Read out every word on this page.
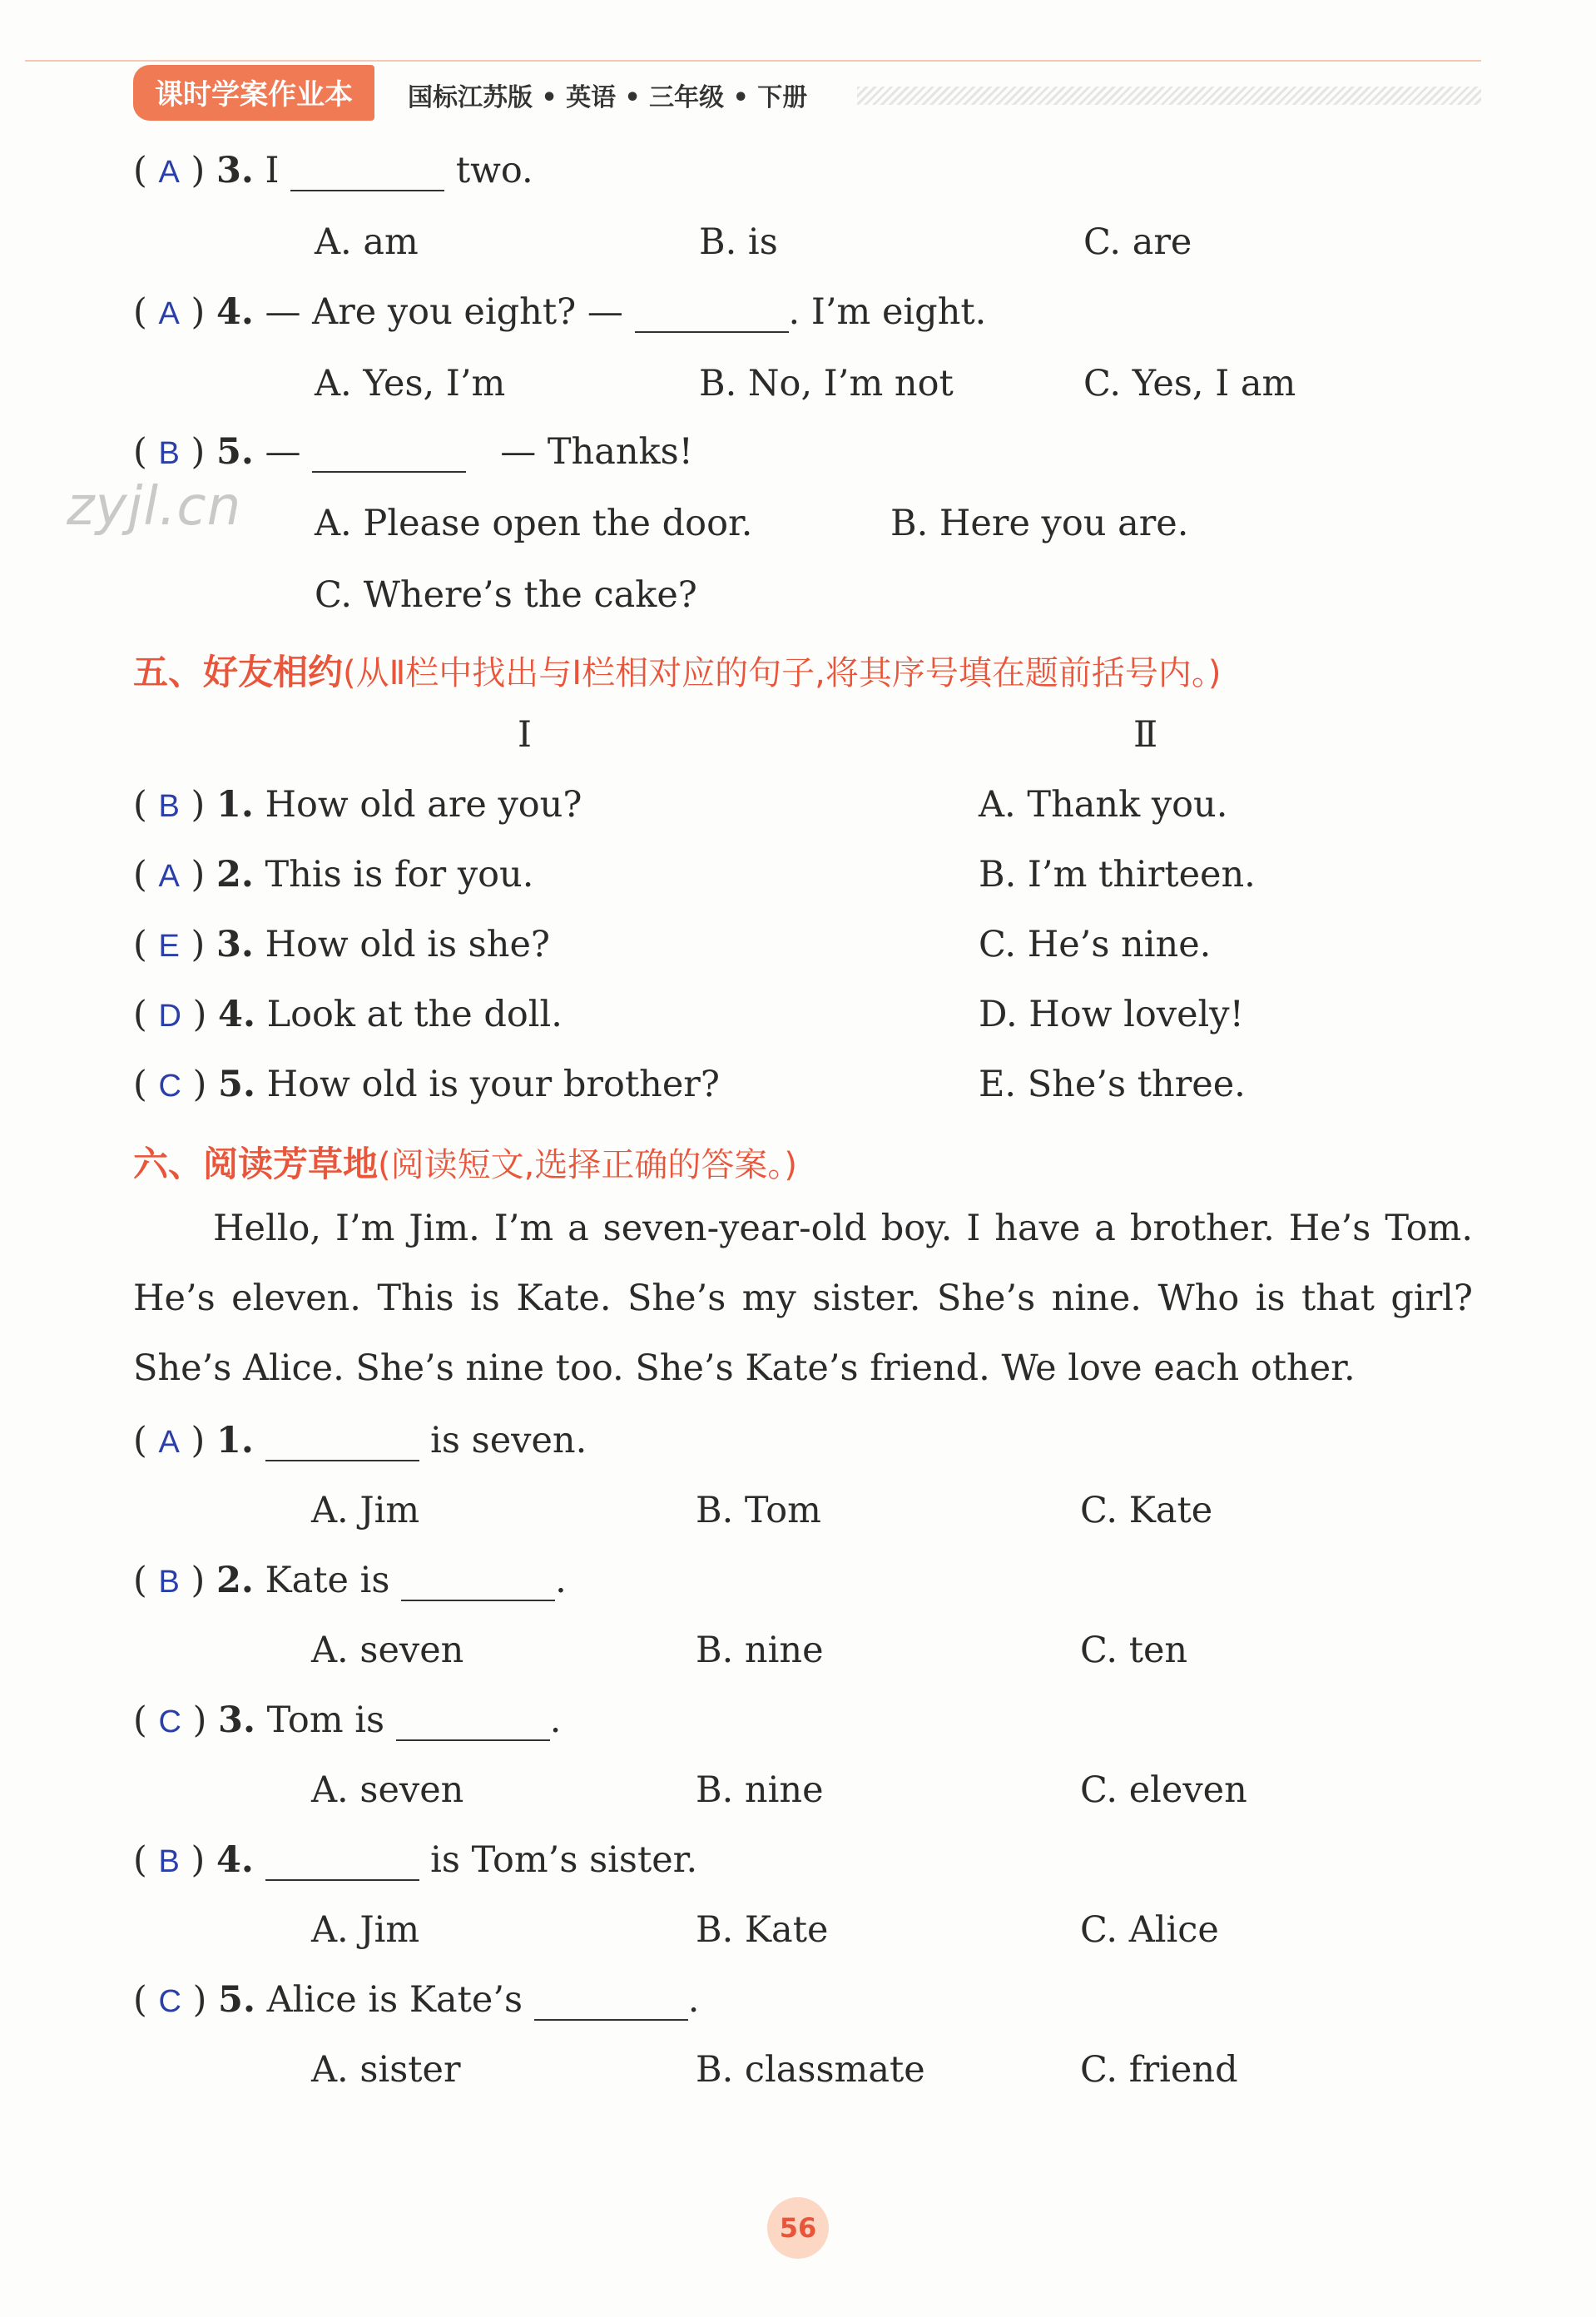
课时学案作业本	国标江苏版 • 英语 • 三年级 • 下册
zyjl.cn
( A ) 3. I	two.
A. am	B. is	C. are
( A ) 4. — Are you eight? —	. I’m eight.
A. Yes, I’m	B. No, I’m not	C. Yes, I am
( B ) 5. —	— Thanks!
A. Please open the door.	B. Here you are.
C. Where’s the cake?
五、好友相约(从Ⅱ栏中找出与Ⅰ栏相对应的句子,将其序号填在题前括号内。)
Ⅰ	Ⅱ
( B ) 1. How old are you?	A. Thank you.
( A ) 2. This is for you.	B. I’m thirteen.
( E ) 3. How old is she?	C. He’s nine.
( D ) 4. Look at the doll.	D. How lovely!
( C ) 5. How old is your brother?	E. She’s three.
六、阅读芳草地(阅读短文,选择正确的答案。)
Hello, I’m Jim. I’m a seven-year-old boy. I have a brother. He’s Tom. He’s eleven. This is Kate. She’s my sister. She’s nine. Who is that girl? She’s Alice. She’s nine too. She’s Kate’s friend. We love each other.
( A ) 1.	is seven.
A. Jim	B. Tom	C. Kate
( B ) 2. Kate is	.
A. seven	B. nine	C. ten
( C ) 3. Tom is	.
A. seven	B. nine	C. eleven
( B ) 4.	is Tom’s sister.
A. Jim	B. Kate	C. Alice
( C ) 5. Alice is Kate’s	.
A. sister	B. classmate	C. friend
56
